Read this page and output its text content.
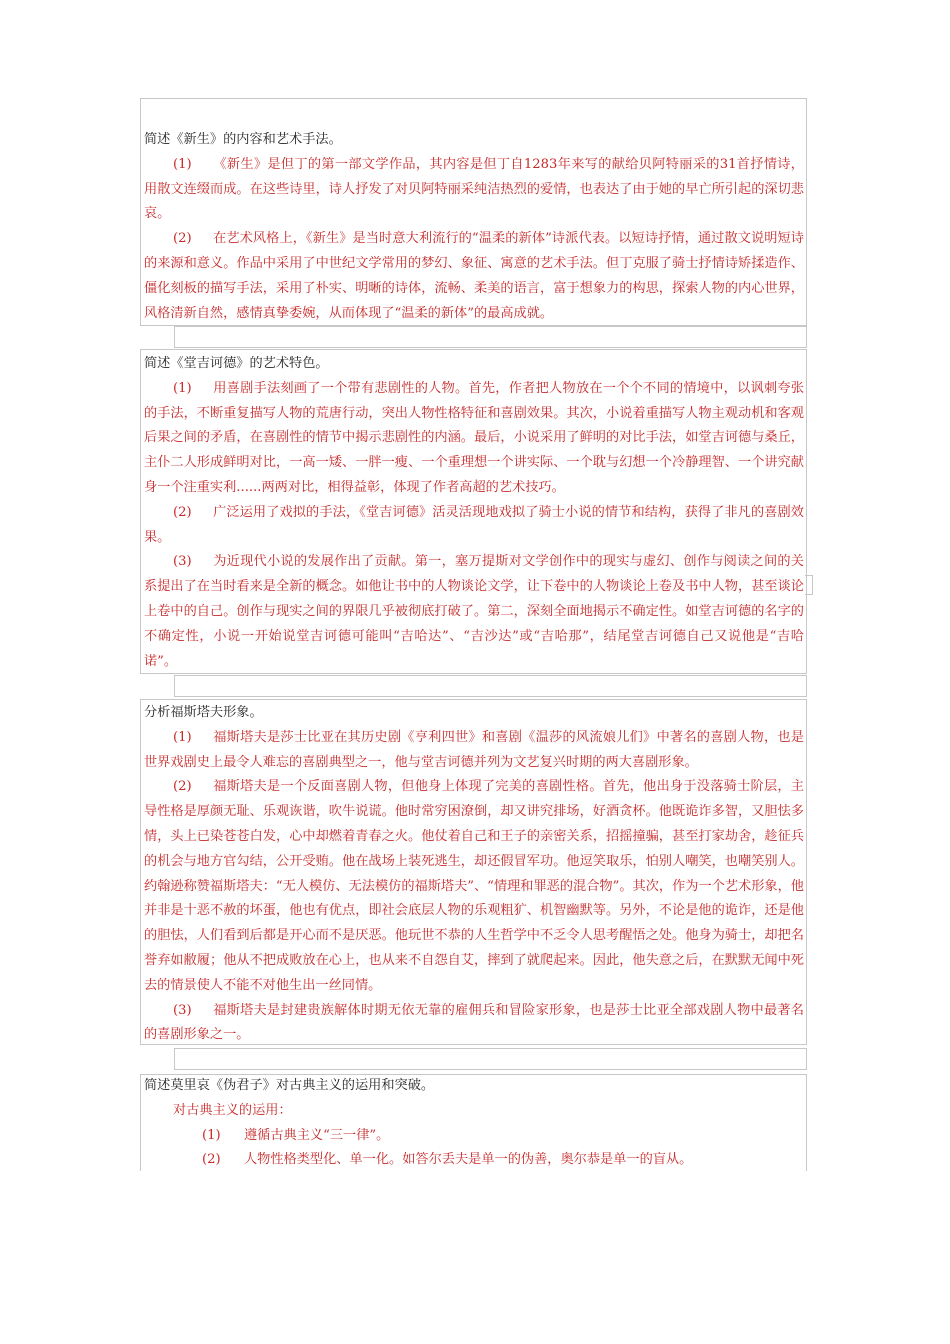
简述《新生》的内容和艺术手法。
(1) 《新生》是但丁的第一部文学作品，其内容是但丁自1283年来写的献给贝阿特丽采的31首抒情诗，用散文连缀而成。在这些诗里，诗人抒发了对贝阿特丽采纯洁热烈的爱情，也表达了由于她的早亡所引起的深切悲哀。
(2) 在艺术风格上，《新生》是当时意大利流行的“温柔的新体”诗派代表。以短诗抒情，通过散文说明短诗的来源和意义。作品中采用了中世纪文学常用的梦幻、象征、寓意的艺术手法。但丁克服了骑士抒情诗矫揉造作、僵化刻板的描写手法，采用了朴实、明晰的诗体，流畅、柔美的语言，富于想象力的构思，探索人物的内心世界，风格清新自然，感情真挚委婉，从而体现了“温柔的新体”的最高成就。
简述《堂吉诃德》的艺术特色。
(1) 用喜剧手法刻画了一个带有悲剧性的人物。首先，作者把人物放在一个个不同的情境中，以讽刺夸张的手法，不断重复描写人物的荒唐行动，突出人物性格特征和喜剧效果。其次，小说着重描写人物主观动机和客观后果之间的矛盾，在喜剧性的情节中揭示悲剧性的内涵。最后，小说采用了鲜明的对比手法，如堂吉诃德与桑丘，主仆二人形成鲜明对比，一高一矮、一胖一瘦、一个重理想一个讲实际、一个耽与幻想一个冷静理智、一个讲究献身一个注重实利......两两对比，相得益彰，体现了作者高超的艺术技巧。
(2) 广泛运用了戏拟的手法，《堂吉诃德》活灵活现地戏拟了骑士小说的情节和结构，获得了非凡的喜剧效果。
(3) 为近现代小说的发展作出了贡献。第一，塞万提斯对文学创作中的现实与虚幻、创作与阅读之间的关系提出了在当时看来是全新的概念。如他让书中的人物谈论文学，让下卷中的人物谈论上卷及书中人物，甚至谈论上卷中的自己。创作与现实之间的界限几乎被彻底打破了。第二，深刻全面地揭示不确定性。如堂吉诃德的名字的不确定性，小说一开始说堂吉诃德可能叫“吉哈达”、“吉沙达”或“吉哈那”，结尾堂吉诃德自己又说他是“吉哈诺”。
分析福斯塔夫形象。
(1) 福斯塔夫是莎士比亚在其历史剧《亨利四世》和喜剧《温莎的风流娘儿们》中著名的喜剧人物，也是世界戏剧史上最令人难忘的喜剧典型之一，他与堂吉诃德并列为文艺复兴时期的两大喜剧形象。
(2) 福斯塔夫是一个反面喜剧人物，但他身上体现了完美的喜剧性格。首先，他出身于没落骑士阶层，主导性格是厚颜无耻、乐观诙谐，吹牛说谎。他时常穷困潦倒，却又讲究排场，好酒贪杯。他既诡诈多智，又胆怯多情，头上已染苍苍白发，心中却燃着青春之火。他仗着自己和王子的亲密关系，招摇撞骗，甚至打家劫舍，趁征兵的机会与地方官勾结，公开受贿。他在战场上装死逃生，却还假冒军功。他逗笑取乐，怕别人嘲笑，也嘲笑别人。约翰逊称赞福斯塔夫：“无人模仿、无法模仿的福斯塔夫”、“情理和罪恶的混合物”。其次，作为一个艺术形象，他并非是十恶不赦的坏蛋，他也有优点，即社会底层人物的乐观粗犷、机智幽默等。另外，不论是他的诡诈，还是他的胆怯，人们看到后都是开心而不是厌恶。他玩世不恭的人生哲学中不乏令人思考醒悟之处。他身为骑士，却把名誉弃如敝履；他从不把成败放在心上，也从来不自怨自艾，摔到了就爬起来。因此，他失意之后，在默默无闻中死去的情景使人不能不对他生出一丝同情。
(3) 福斯塔夫是封建贵族解体时期无依无靠的雇佣兵和冒险家形象，也是莎士比亚全部戏剧人物中最著名的喜剧形象之一。
简述莫里哀《伪君子》对古典主义的运用和突破。
对古典主义的运用：
(1) 遵循古典主义“三一律”。
(2) 人物性格类型化、单一化。如答尔丢夫是单一的伪善，奥尔恭是单一的盲从。
